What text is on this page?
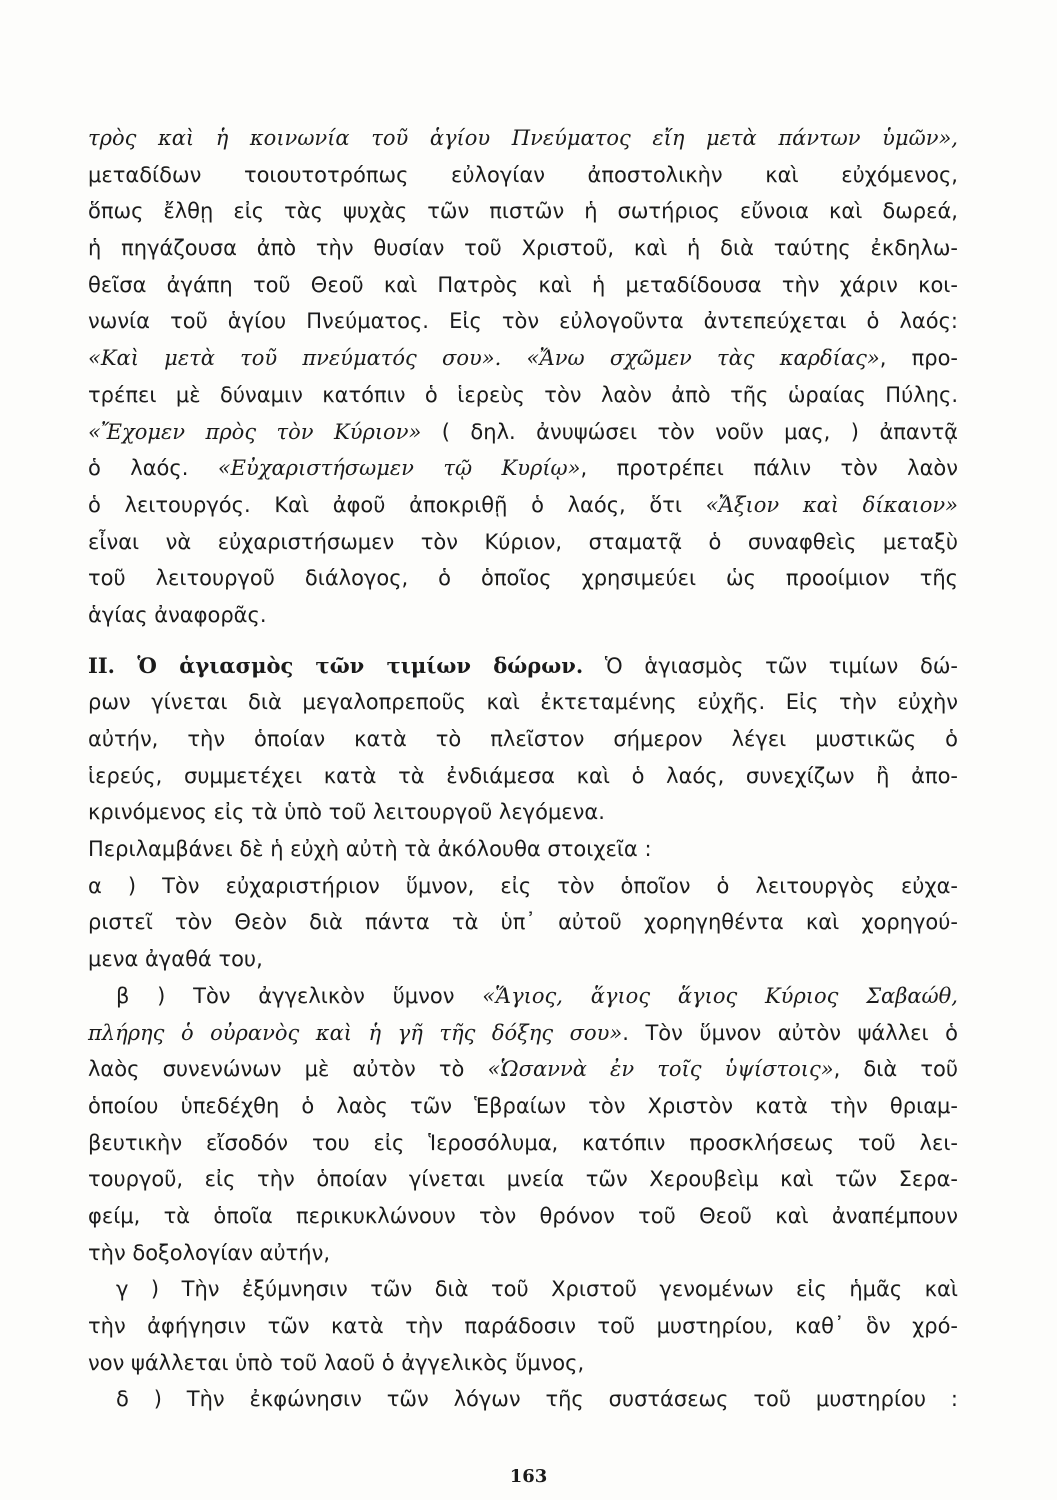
τρὸς καὶ ἡ κοινωνία τοῦ ἁγίου Πνεύματος εἴη μετὰ πάντων ὑμῶν»,
μεταδίδων τοιουτοτρόπως εὐλογίαν ἀποστολικὴν καὶ εὐχόμενος,
ὅπως ἔλθῃ εἰς τὰς ψυχὰς τῶν πιστῶν ἡ σωτήριος εὔνοια καὶ δωρεά,
ἡ πηγάζουσα ἀπὸ τὴν θυσίαν τοῦ Χριστοῦ, καὶ ἡ διὰ ταύτης ἐκδηλω-
θεῖσα ἀγάπη τοῦ Θεοῦ καὶ Πατρὸς καὶ ἡ μεταδίδουσα τὴν χάριν κοι-
νωνία τοῦ ἁγίου Πνεύματος. Εἰς τὸν εὐλογοῦντα ἀντεπεύχεται ὁ λαός:
«Καὶ μετὰ τοῦ πνεύματός σου». «Ἄνω σχῶμεν τὰς καρδίας», προ-
τρέπει μὲ δύναμιν κατόπιν ὁ ἱερεὺς τὸν λαὸν ἀπὸ τῆς ὡραίας Πύλης.
«Ἔχομεν πρὸς τὸν Κύριον» ( δηλ. ἀνυψώσει τὸν νοῦν μας, ) ἀπαντᾷ
ὁ λαός. «Εὐχαριστήσωμεν τῷ Κυρίῳ», προτρέπει πάλιν τὸν λαὸν
ὁ λειτουργός. Καὶ ἀφοῦ ἀποκριθῇ ὁ λαός, ὅτι «Ἄξιον καὶ δίκαιον»
εἶναι νὰ εὐχαριστήσωμεν τὸν Κύριον, σταματᾷ ὁ συναφθεὶς μεταξὺ
τοῦ λειτουργοῦ διάλογος, ὁ ὁποῖος χρησιμεύει ὡς προοίμιον τῆς
ἁγίας ἀναφορᾶς.
ΙΙ. Ὁ ἁγιασμὸς τῶν τιμίων δώρων. Ὁ ἁγιασμὸς τῶν τιμίων δώ-
ρων γίνεται διὰ μεγαλοπρεποῦς καὶ ἐκτεταμένης εὐχῆς. Εἰς τὴν εὐχὴν
αὐτήν, τὴν ὁποίαν κατὰ τὸ πλεῖστον σήμερον λέγει μυστικῶς ὁ
ἱερεύς, συμμετέχει κατὰ τὰ ἐνδιάμεσα καὶ ὁ λαός, συνεχίζων ἢ ἀπο-
κρινόμενος εἰς τὰ ὑπὸ τοῦ λειτουργοῦ λεγόμενα.
Περιλαμβάνει δὲ ἡ εὐχὴ αὐτὴ τὰ ἀκόλουθα στοιχεῖα :
α ) Τὸν εὐχαριστήριον ὕμνον, εἰς τὸν ὁποῖον ὁ λειτουργὸς εὐχα-
ριστεῖ τὸν Θεὸν διὰ πάντα τὰ ὑπ᾽ αὐτοῦ χορηγηθέντα καὶ χορηγού-
μενα ἀγαθά του,
β ) Τὸν ἀγγελικὸν ὕμνον «Ἅγιος, ἅγιος ἅγιος Κύριος Σαβαώθ,
πλήρης ὁ οὐρανὸς καὶ ἡ γῆ τῆς δόξης σου». Τὸν ὕμνον αὐτὸν ψάλλει ὁ
λαὸς συνενώνων μὲ αὐτὸν τὸ «Ὡσαννὰ ἐν τοῖς ὑψίστοις», διὰ τοῦ
ὁποίου ὑπεδέχθη ὁ λαὸς τῶν Ἑβραίων τὸν Χριστὸν κατὰ τὴν θριαμ-
βευτικὴν εἴσοδόν του εἰς Ἱεροσόλυμα, κατόπιν προσκλήσεως τοῦ λει-
τουργοῦ, εἰς τὴν ὁποίαν γίνεται μνεία τῶν Χερουβεὶμ καὶ τῶν Σερα-
φείμ, τὰ ὁποῖα περικυκλώνουν τὸν θρόνον τοῦ Θεοῦ καὶ ἀναπέμπουν
τὴν δοξολογίαν αὐτήν,
γ ) Τὴν ἐξύμνησιν τῶν διὰ τοῦ Χριστοῦ γενομένων εἰς ἡμᾶς καὶ
τὴν ἀφήγησιν τῶν κατὰ τὴν παράδοσιν τοῦ μυστηρίου, καθ᾽ ὃν χρό-
νον ψάλλεται ὑπὸ τοῦ λαοῦ ὁ ἀγγελικὸς ὕμνος,
δ ) Τὴν ἐκφώνησιν τῶν λόγων τῆς συστάσεως τοῦ μυστηρίου :
163
